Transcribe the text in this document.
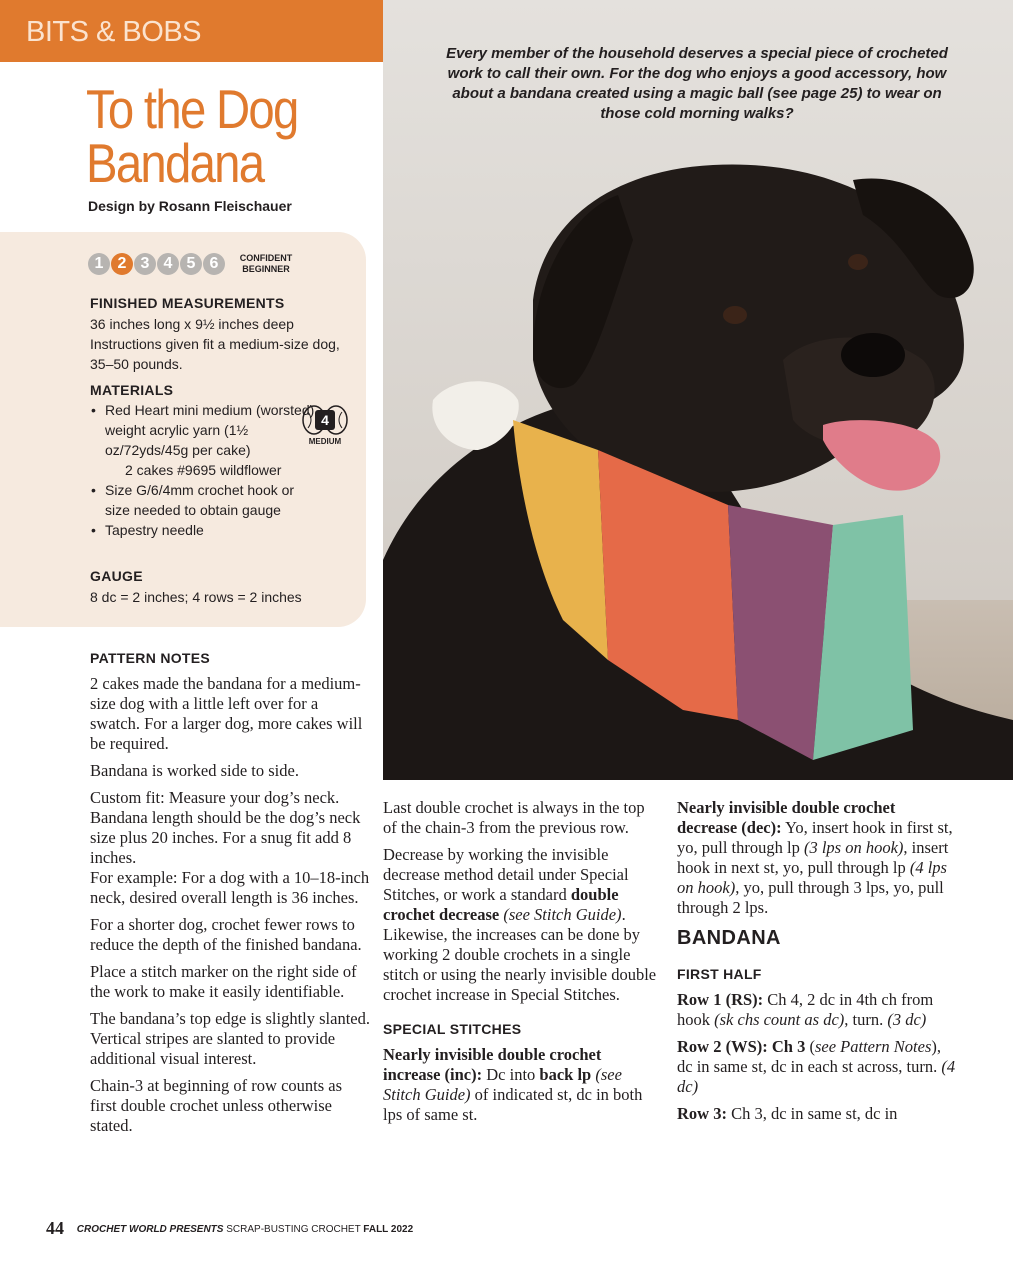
BITS & BOBS
To the Dog Bandana
Design by Rosann Fleischauer
Every member of the household deserves a special piece of crocheted work to call their own. For the dog who enjoys a good accessory, how about a bandana created using a magic ball (see page 25) to wear on those cold morning walks?
1 2 3 4 5 6	CONFIDENT
BEGINNER
FINISHED MEASUREMENTS
36 inches long x 9½ inches deep
Instructions given fit a medium-size dog, 35–50 pounds.
MATERIALS
• Red Heart mini medium (worsted) weight acrylic yarn (1½ oz/72yds/45g per cake)
2 cakes #9695 wildflower
• Size G/6/4mm crochet hook or size needed to obtain gauge
• Tapestry needle
4
MEDIUM
GAUGE
8 dc = 2 inches; 4 rows = 2 inches
PATTERN NOTES

2 cakes made the bandana for a medium-size dog with a little left over for a swatch. For a larger dog, more cakes will be required.

Bandana is worked side to side.

Custom fit: Measure your dog’s neck. Bandana length should be the dog’s neck size plus 20 inches. For a snug fit add 8 inches.

For example: For a dog with a 10–18-inch neck, desired overall length is 36 inches.

For a shorter dog, crochet fewer rows to reduce the depth of the finished bandana.

Place a stitch marker on the right side of the work to make it easily identifiable.

The bandana’s top edge is slightly slanted. Vertical stripes are slanted to provide additional visual interest.

Chain-3 at beginning of row counts as first double crochet unless otherwise stated.

Last double crochet is always in the top of the chain-3 from the previous row.

Decrease by working the invisible decrease method detail under Special Stitches, or work a standard double crochet decrease (see Stitch Guide). Likewise, the increases can be done by working 2 double crochets in a single stitch or using the nearly invisible double crochet increase in Special Stitches.

SPECIAL STITCHES

Nearly invisible double crochet increase (inc): Dc into back lp (see Stitch Guide) of indicated st, dc in both lps of same st.

Nearly invisible double crochet decrease (dec): Yo, insert hook in first st, yo, pull through lp (3 lps on hook), insert hook in next st, yo, pull through lp (4 lps on hook), yo, pull through 3 lps, yo, pull through 2 lps.

BANDANA
FIRST HALF

Row 1 (RS): Ch 4, 2 dc in 4th ch from hook (sk chs count as dc), turn. (3 dc)

Row 2 (WS): Ch 3 (see Pattern Notes), dc in same st, dc in each st across, turn. (4 dc)

Row 3: Ch 3, dc in same st, dc in

44 CROCHET WORLD PRESENTS SCRAP-BUSTING CROCHET FALL 2022
